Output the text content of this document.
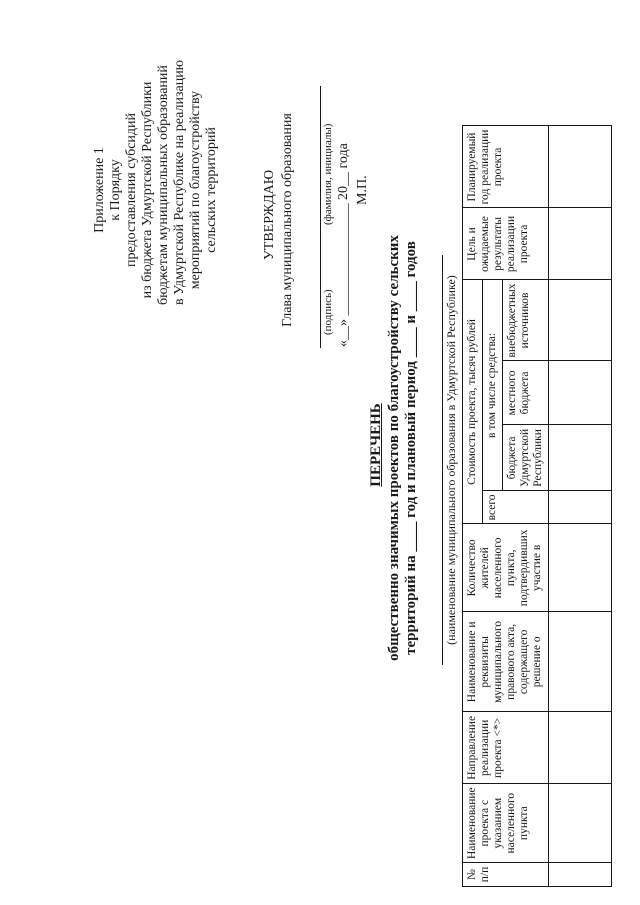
Приложение 1 к Порядку предоставления субсидий из бюджета Удмуртской Республики бюджетам муниципальных образований в Удмуртской Республике на реализацию мероприятий по благоустройству сельских территорий	УТВЕРЖДАЮ Глава муниципального образования (подпись)
(фамилия, инициалы) «__» ________________ 20__ года М.П.
ПЕРЕЧЕНЬ общественно значимых проектов по благоустройству сельских территорий на ____ год и плановый период ____ и ____ годов (наименование муниципального образования в Удмуртской Республике)
№ п/п	Наименование проекта с указанием населенного пункта	Направление реализации проекта <*>	Наименование и реквизиты муниципального правового акта, содержащего решение о	Количество жителей населенного пункта, подтвердивших участие в	Стоимость проекта, тысяч рублей				Цель и ожидаемые результаты реализации проекта	Планируемый год реализации проекта
					всего	в том числе средства:				
						бюджета Удмуртской Республики	местного бюджета	внебюджетных источников		
